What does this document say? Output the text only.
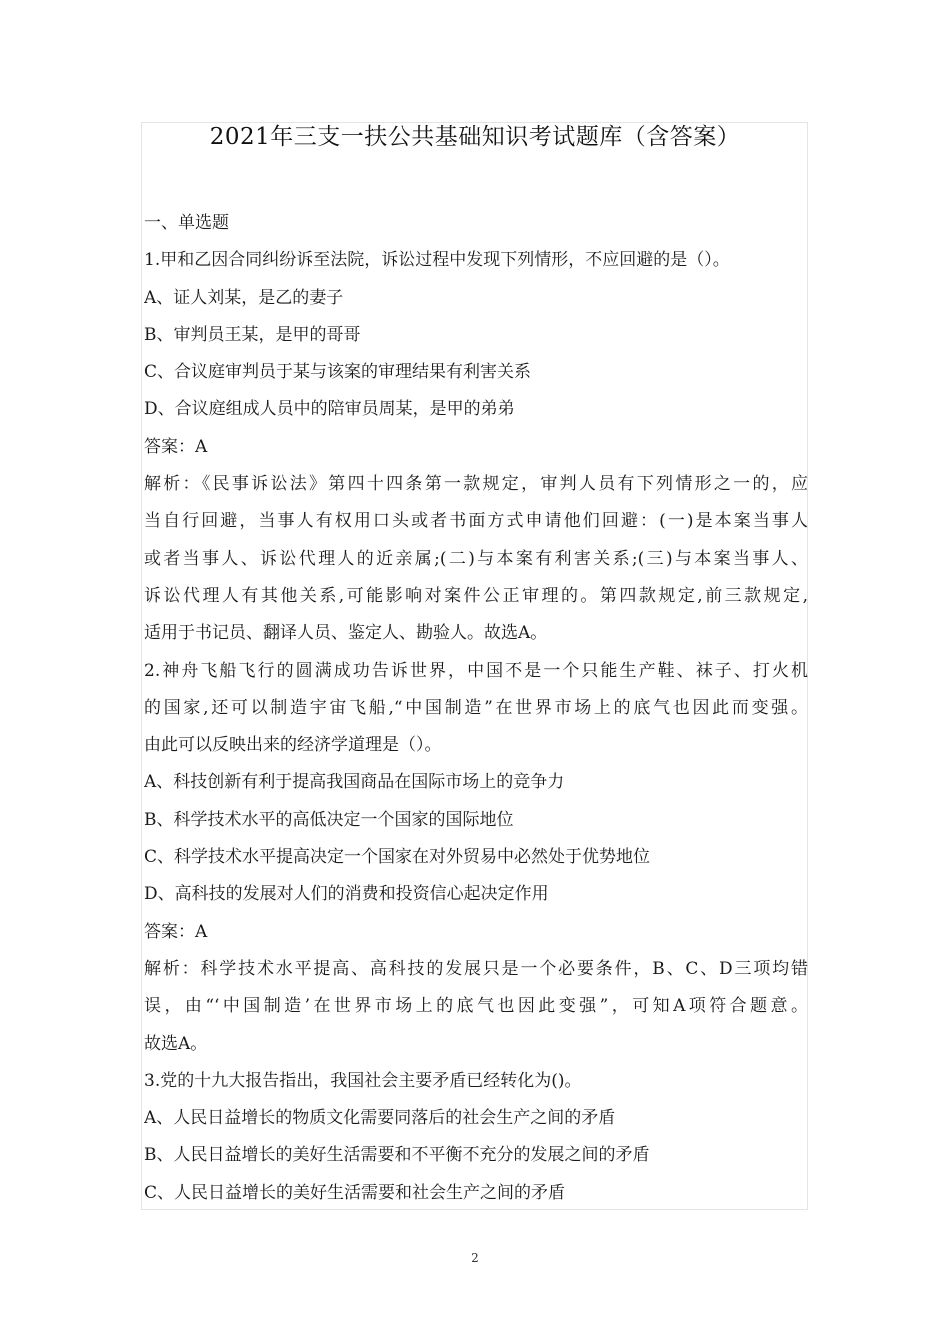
2021年三支一扶公共基础知识考试题库（含答案）
一、单选题
1.甲和乙因合同纠纷诉至法院，诉讼过程中发现下列情形，不应回避的是（）。
A、证人刘某，是乙的妻子
B、审判员王某，是甲的哥哥
C、合议庭审判员于某与该案的审理结果有利害关系
D、合议庭组成人员中的陪审员周某，是甲的弟弟
答案：A
解析：《民事诉讼法》第四十四条第一款规定，审判人员有下列情形之一的，应
当自行回避，当事人有权用口头或者书面方式申请他们回避：(一)是本案当事人
或者当事人、诉讼代理人的近亲属;(二)与本案有利害关系;(三)与本案当事人、
诉讼代理人有其他关系,可能影响对案件公正审理的。第四款规定,前三款规定,
适用于书记员、翻译人员、鉴定人、勘验人。故选A。
2.神舟飞船飞行的圆满成功告诉世界，中国不是一个只能生产鞋、袜子、打火机
的国家,还可以制造宇宙飞船,“中国制造”在世界市场上的底气也因此而变强。
由此可以反映出来的经济学道理是（）。
A、科技创新有利于提高我国商品在国际市场上的竞争力
B、科学技术水平的高低决定一个国家的国际地位
C、科学技术水平提高决定一个国家在对外贸易中必然处于优势地位
D、高科技的发展对人们的消费和投资信心起决定作用
答案：A
解析：科学技术水平提高、高科技的发展只是一个必要条件，B、C、D三项均错
误，由“‘中国制造’在世界市场上的底气也因此变强”，可知A项符合题意。
故选A。
3.党的十九大报告指出，我国社会主要矛盾已经转化为()。
A、人民日益增长的物质文化需要同落后的社会生产之间的矛盾
B、人民日益增长的美好生活需要和不平衡不充分的发展之间的矛盾
C、人民日益增长的美好生活需要和社会生产之间的矛盾
2
